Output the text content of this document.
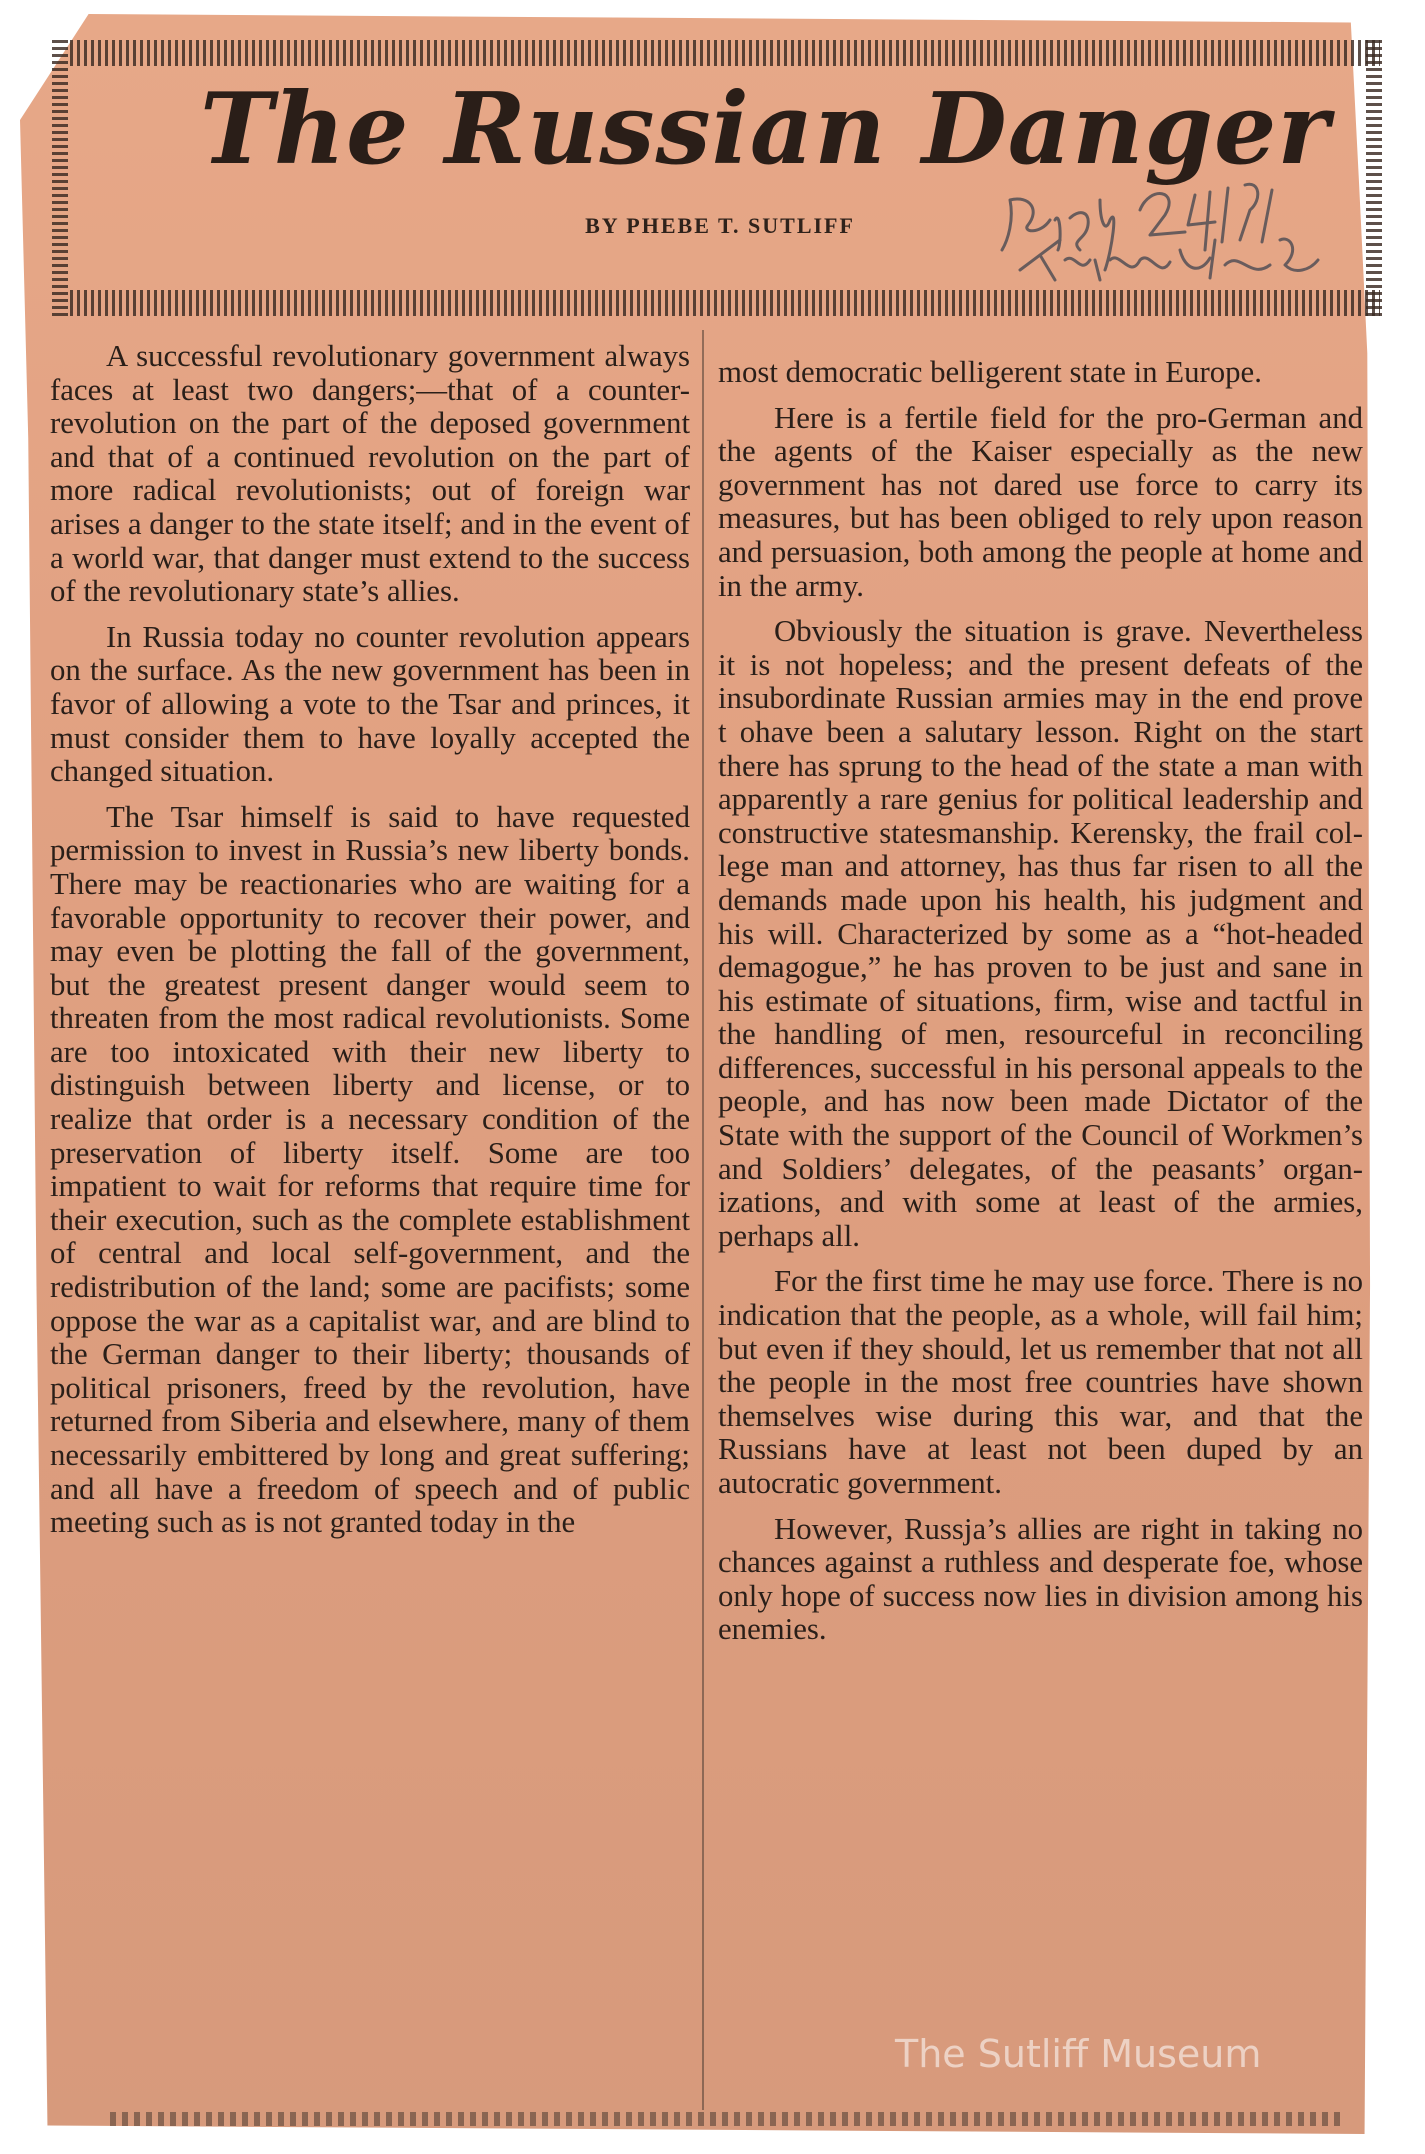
The Russian Danger
BY PHEBE T. SUTLIFF

A successful revolutionary government always faces at least two dangers;—that of a counter-revolution on the part of the deposed government and that of a continued revolution on the part of more radical revolutionists; out of foreign war arises a danger to the state itself; and in the event of a world war, that danger must extend to the success of the revolutionary state’s allies.

In Russia today no counter revolution appears on the surface. As the new government has been in favor of allowing a vote to the Tsar and princes, it must consider them to have loyally accepted the changed situation.

The Tsar himself is said to have requested permission to invest in Russia’s new liberty bonds. There may be reactionaries who are waiting for a favorable opportunity to recover their power, and may even be plotting the fall of the government, but the greatest present danger would seem to threaten from the most radical revolutionists. Some are too intoxicated with their new liberty to distinguish between liberty and license, or to realize that order is a necessary condition of the preservation of liberty itself. Some are too impatient to wait for reforms that require time for their execution, such as the complete establishment of central and local self-government, and the redistribution of the land; some are pacifists; some oppose the war as a capitalist war, and are blind to the German danger to their liberty; thousands of political prisoners, freed by the revolution, have returned from Siberia and elsewhere, many of them necessarily embittered by long and great suffering; and all have a freedom of speech and of public meeting such as is not granted today in the

most democratic belligerent state in Europe.

Here is a fertile field for the pro-German and the agents of the Kaiser especially as the new government has not dared use force to carry its measures, but has been obliged to rely upon reason and persuasion, both among the people at home and in the army.

Obviously the situation is grave. Nevertheless it is not hopeless; and the present defeats of the insubordinate Russian armies may in the end prove t ohave been a salutary lesson. Right on the start there has sprung to the head of the state a man with apparently a rare genius for political leadership and constructive statesmanship. Kerensky, the frail college man and attorney, has thus far risen to all the demands made upon his health, his judgment and his will. Characterized by some as a “hot-headed demagogue,” he has proven to be just and sane in his estimate of situations, firm, wise and tactful in the handling of men, resourceful in reconciling differences, successful in his personal appeals to the people, and has now been made Dictator of the State with the support of the Council of Workmen’s and Soldiers’ delegates, of the peasants’ organizations, and with some at least of the armies, perhaps all.

For the first time he may use force. There is no indication that the people, as a whole, will fail him; but even if they should, let us remember that not all the people in the most free countries have shown themselves wise during this war, and that the Russians have at least not been duped by an autocratic government.

However, Russja’s allies are right in taking no chances against a ruthless and desperate foe, whose only hope of success now lies in division among his enemies.

The Sutliff Museum
